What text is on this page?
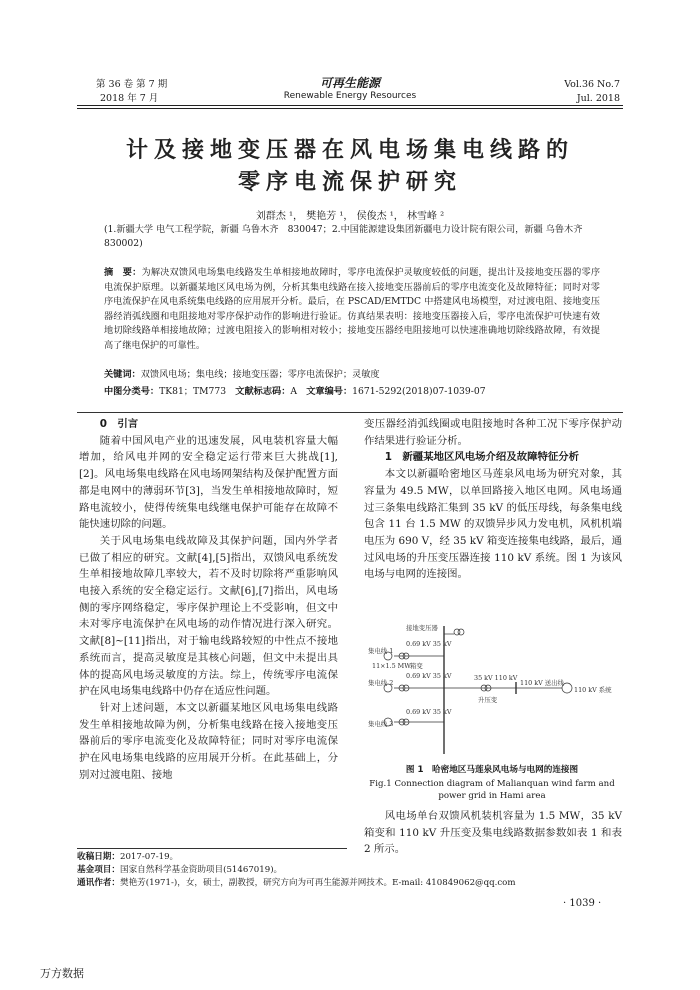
第 36 卷 第 7 期
2018 年 7 月
可再生能源
Renewable Energy Resources
Vol.36 No.7
Jul. 2018
计及接地变压器在风电场集电线路的
零序电流保护研究
刘群杰 ¹， 樊艳芳 ¹， 侯俊杰 ¹， 林雪峰 ²
(1.新疆大学 电气工程学院，新疆 乌鲁木齐　830047；2.中国能源建设集团新疆电力设计院有限公司，新疆 乌鲁木齐　830002)
摘　要：为解决双馈风电场集电线路发生单相接地故障时，零序电流保护灵敏度较低的问题，提出计及接地变压器的零序电流保护原理。以新疆某地区风电场为例，分析其集电线路在接入接地变压器前后的零序电流变化及故障特征；同时对零序电流保护在风电系统集电线路的应用展开分析。最后，在 PSCAD/EMTDC 中搭建风电场模型，对过渡电阻、接地变压器经消弧线圈和电阻接地对零序保护动作的影响进行验证。仿真结果表明：接地变压器接入后，零序电流保护可快速有效地切除线路单相接地故障；过渡电阻接入的影响相对较小；接地变压器经电阻接地可以快速准确地切除线路故障，有效提高了继电保护的可靠性。
关键词：双馈风电场；集电线；接地变压器；零序电流保护；灵敏度
中图分类号：TK81；TM773  文献标志码：A  文章编号：1671-5292(2018)07-1039-07

0　引言

随着中国风电产业的迅速发展，风电装机容量大幅增加，给风电并网的安全稳定运行带来巨大挑战[1],[2]。风电场集电线路在风电场网架结构及保护配置方面都是电网中的薄弱环节[3]，当发生单相接地故障时，短路电流较小，使得传统集电线继电保护可能存在故障不能快速切除的问题。

关于风电场集电线故障及其保护问题，国内外学者已做了相应的研究。文献[4],[5]指出，双馈风电系统发生单相接地故障几率较大，若不及时切除将严重影响风电接入系统的安全稳定运行。文献[6],[7]指出，风电场侧的零序网络稳定，零序保护理论上不受影响，但文中未对零序电流保护在风电场的动作情况进行深入研究。文献[8]~[11]指出，对于输电线路较短的中性点不接地系统而言，提高灵敏度是其核心问题，但文中未提出具体的提高风电场灵敏度的方法。综上，传统零序电流保护在风电场集电线路中仍存在适应性问题。

针对上述问题，本文以新疆某地区风电场集电线路发生单相接地故障为例，分析集电线路在接入接地变压器前后的零序电流变化及故障特征；同时对零序电流保护在风电场集电线路的应用展开分析。在此基础上，分别对过渡电阻、接地

变压器经消弧线圈或电阻接地时各种工况下零序保护动作结果进行验证分析。

1　新疆某地区风电场介绍及故障特征分析

本文以新疆哈密地区马莲泉风电场为研究对象，其容量为 49.5 MW，以单回路接入地区电网。风电场通过三条集电线路汇集到 35 kV 的低压母线，每条集电线包含 11 台 1.5 MW 的双馈异步风力发电机，风机机端电压为 690 V，经 35 kV 箱变连接集电线路，最后，通过风电场的升压变压器连接 110 kV 系统。图 1 为该风电场与电网的连接图。

接地变压器
0.69 kV 35 kV
集电线 1
11×1.5 MW 箱变
0.69 kV 35 kV
集电线 2
35 kV 110 kV
110 kV 送出线
110 kV 系统
升压变
0.69 kV 35 kV
集电线 3
图 1　哈密地区马莲泉风电场与电网的连接图
Fig.1 Connection diagram of Malianquan wind farm and
power grid in Hami area

风电场单台双馈风机装机容量为 1.5 MW，35 kV 箱变和 110 kV 升压变及集电线路数据参数如表 1 和表 2 所示。

收稿日期：2017-07-19。
基金项目：国家自然科学基金资助项目(51467019)。
通讯作者：樊艳芳(1971-)，女，硕士，副教授，研究方向为可再生能源并网技术。E-mail: 410849062@qq.com
· 1039 ·
万方数据
